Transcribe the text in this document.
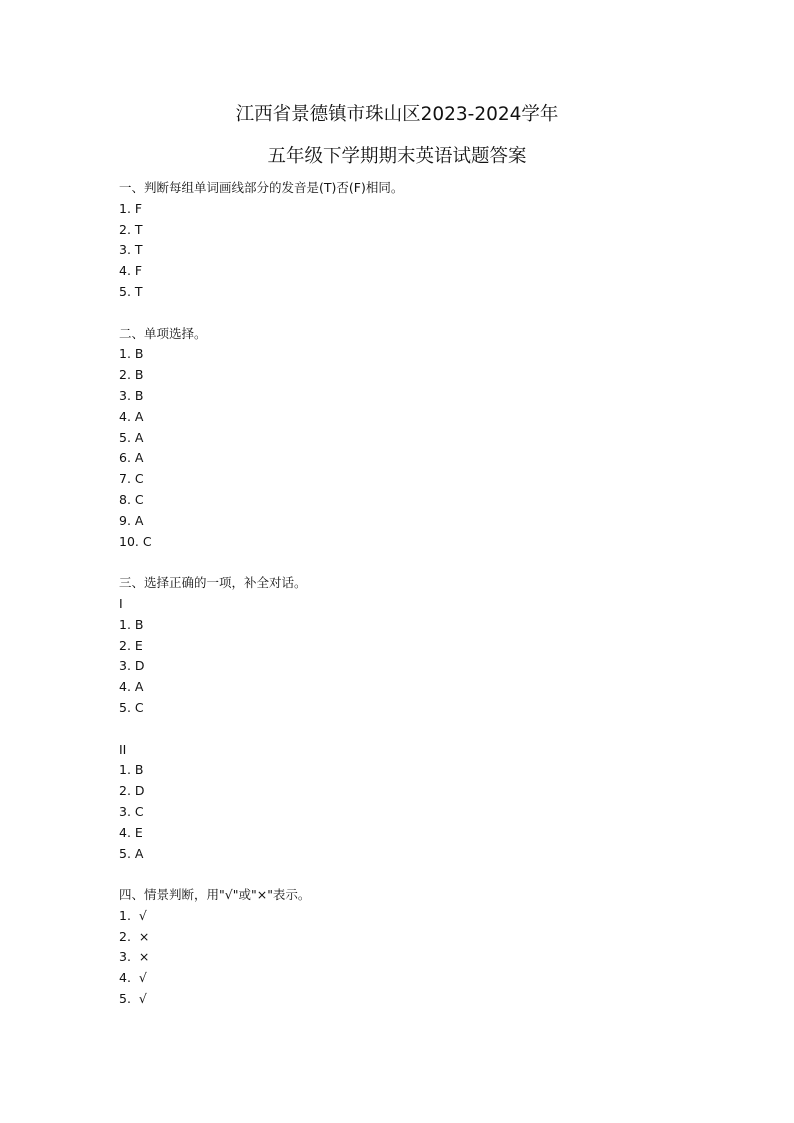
江西省景德镇市珠山区2023-2024学年
五年级下学期期末英语试题答案
一、判断每组单词画线部分的发音是(T)否(F)相同。
1. F
2. T
3. T
4. F
5. T
二、单项选择。
1. B
2. B
3. B
4. A
5. A
6. A
7. C
8. C
9. A
10. C
三、选择正确的一项，补全对话。
I
1. B
2. E
3. D
4. A
5. C
II
1. B
2. D
3. C
4. E
5. A
四、情景判断，用"√"或"×"表示。
1.  √
2.  ×
3.  ×
4.  √
5.  √
